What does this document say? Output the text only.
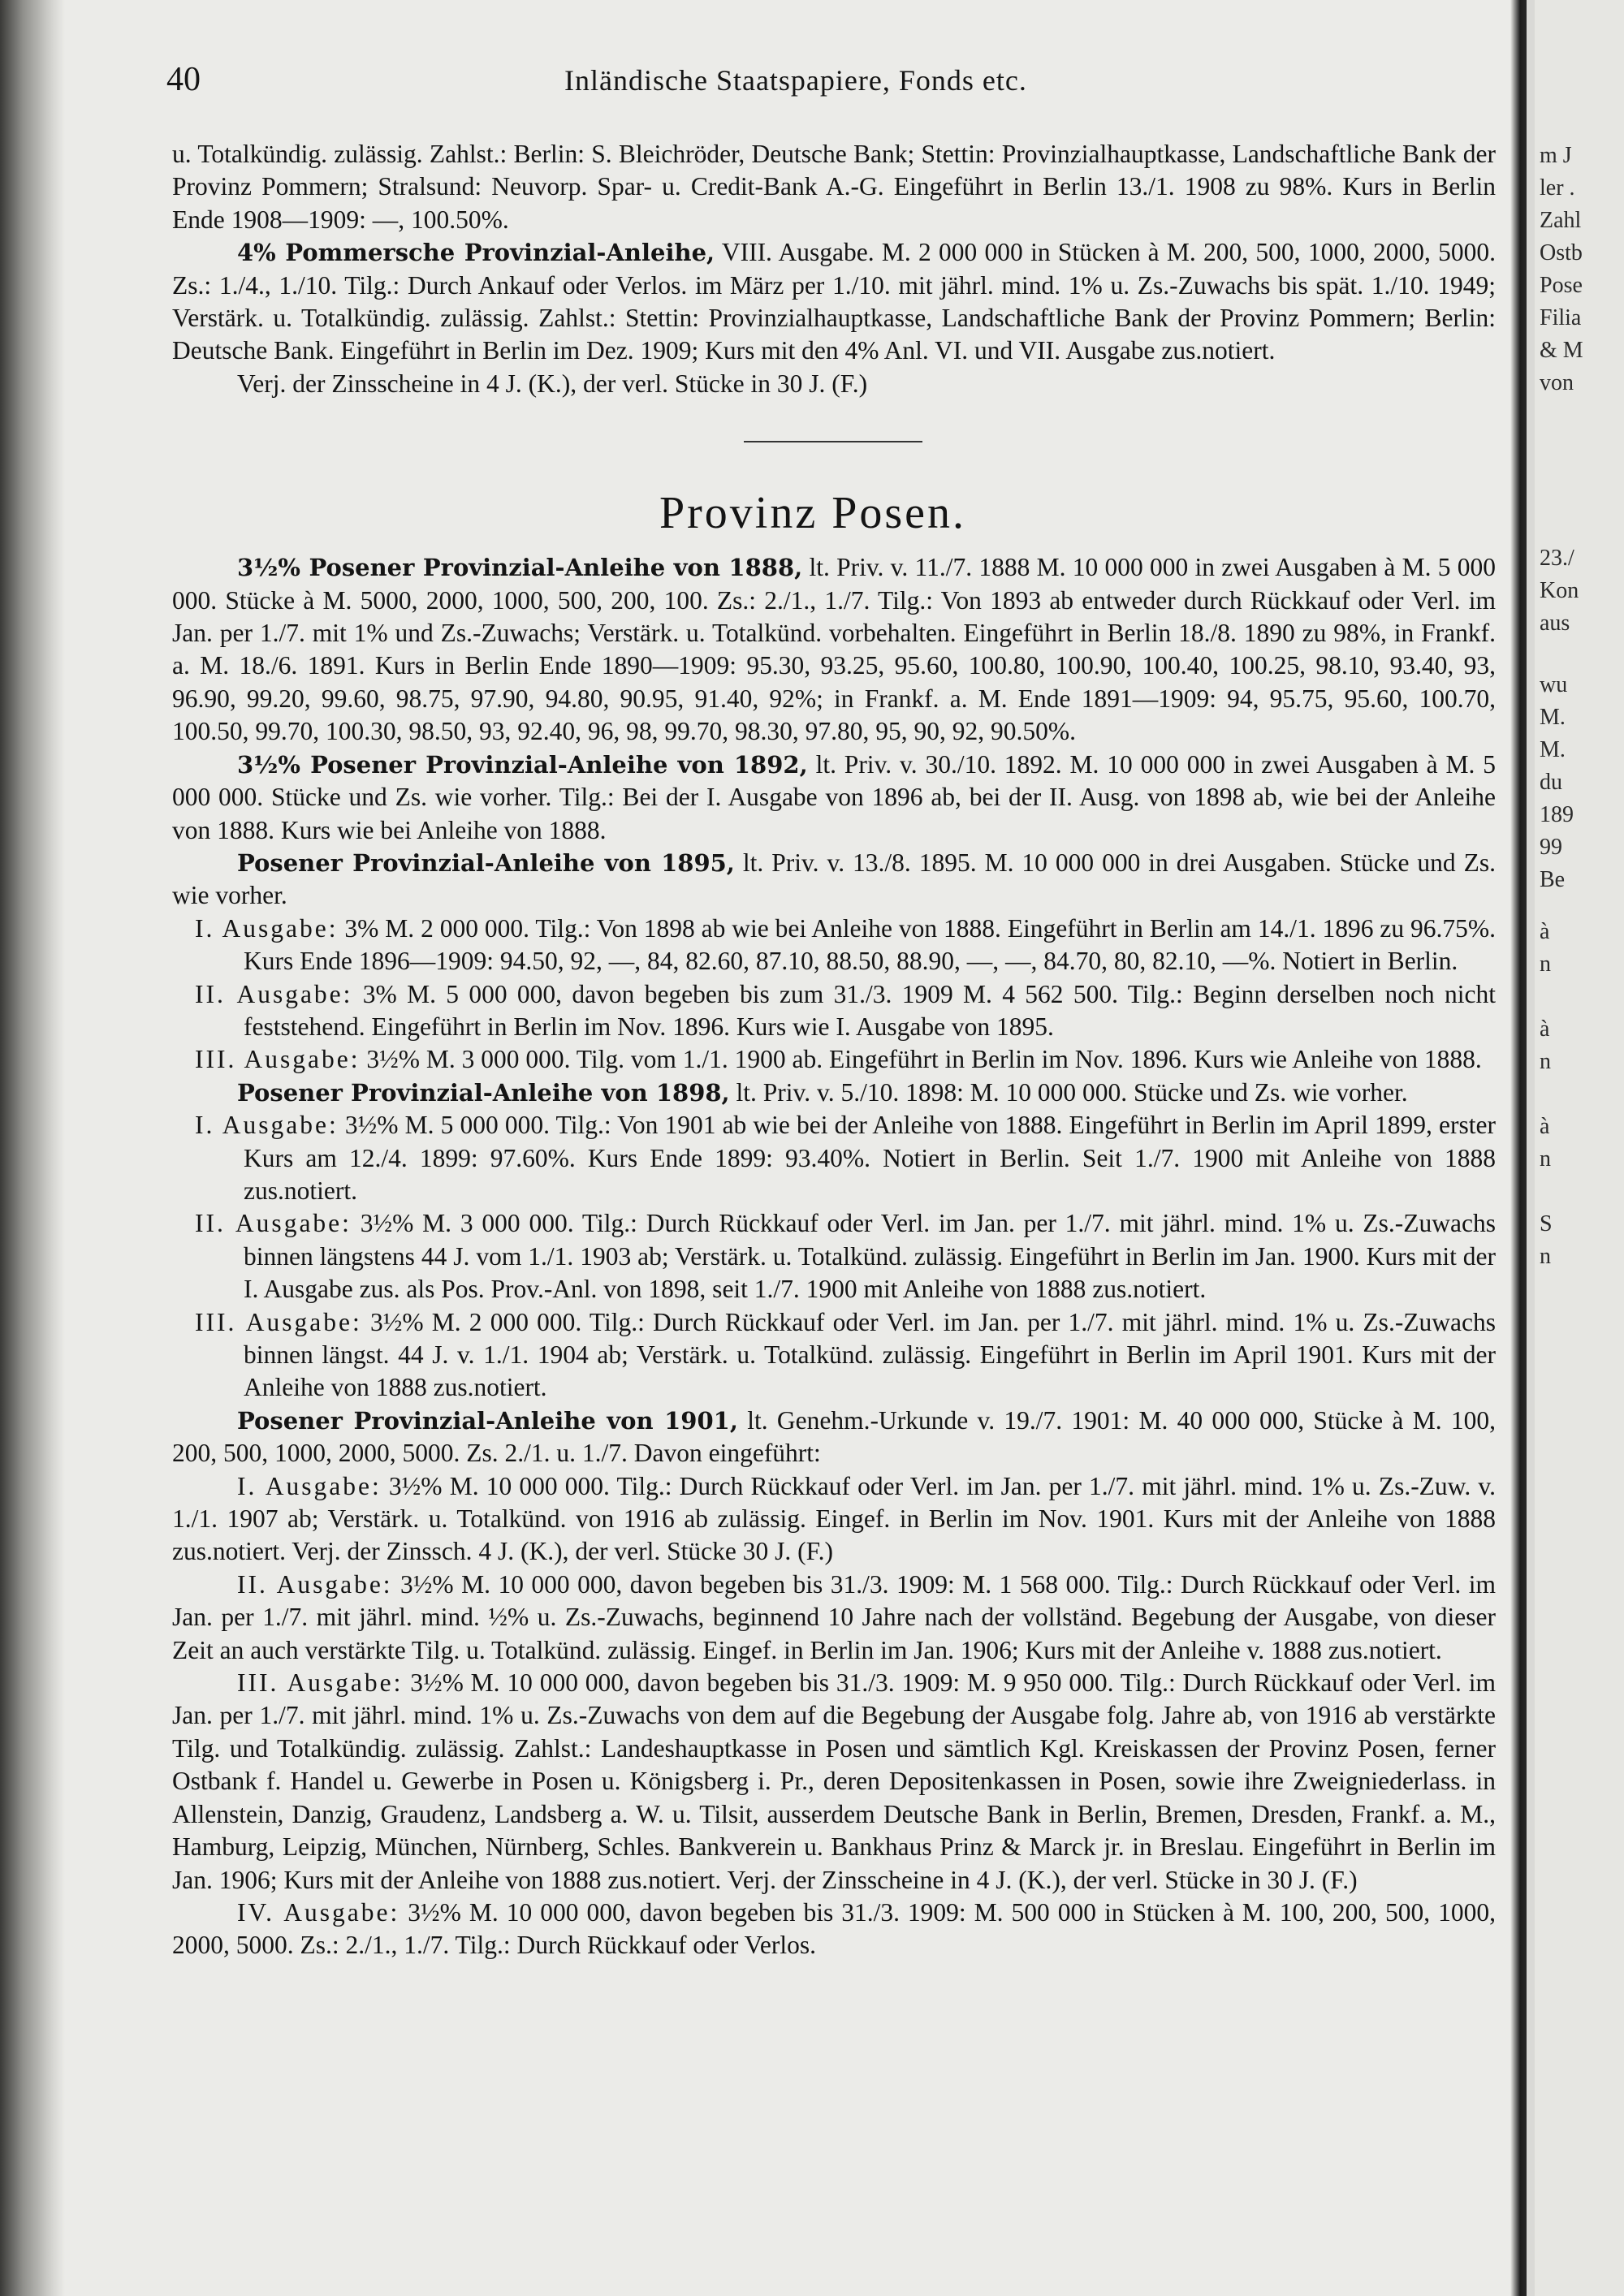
40	Inländische Staatspapiere, Fonds etc.

u. Totalkündig. zulässig. Zahlst.: Berlin: S. Bleichröder, Deutsche Bank; Stettin: Provinzialhauptkasse, Landschaftliche Bank der Provinz Pommern; Stralsund: Neuvorp. Spar- u. Credit-Bank A.-G. Eingeführt in Berlin 13./1. 1908 zu 98%. Kurs in Berlin Ende 1908—1909: —, 100.50%.

4% Pommersche Provinzial-Anleihe, VIII. Ausgabe. M. 2 000 000 in Stücken à M. 200, 500, 1000, 2000, 5000. Zs.: 1./4., 1./10. Tilg.: Durch Ankauf oder Verlos. im März per 1./10. mit jährl. mind. 1% u. Zs.-Zuwachs bis spät. 1./10. 1949; Verstärk. u. Totalkündig. zulässig. Zahlst.: Stettin: Provinzialhauptkasse, Landschaftliche Bank der Provinz Pommern; Berlin: Deutsche Bank. Eingeführt in Berlin im Dez. 1909; Kurs mit den 4% Anl. VI. und VII. Ausgabe zus.notiert.

Verj. der Zinsscheine in 4 J. (K.), der verl. Stücke in 30 J. (F.)

Provinz Posen.

3½% Posener Provinzial-Anleihe von 1888, lt. Priv. v. 11./7. 1888 M. 10 000 000 in zwei Ausgaben à M. 5 000 000. Stücke à M. 5000, 2000, 1000, 500, 200, 100. Zs.: 2./1., 1./7. Tilg.: Von 1893 ab entweder durch Rückkauf oder Verl. im Jan. per 1./7. mit 1% und Zs.-Zuwachs; Verstärk. u. Totalkünd. vorbehalten. Eingeführt in Berlin 18./8. 1890 zu 98%, in Frankf. a. M. 18./6. 1891. Kurs in Berlin Ende 1890—1909: 95.30, 93.25, 95.60, 100.80, 100.90, 100.40, 100.25, 98.10, 93.40, 93, 96.90, 99.20, 99.60, 98.75, 97.90, 94.80, 90.95, 91.40, 92%; in Frankf. a. M. Ende 1891—1909: 94, 95.75, 95.60, 100.70, 100.50, 99.70, 100.30, 98.50, 93, 92.40, 96, 98, 99.70, 98.30, 97.80, 95, 90, 92, 90.50%.

3½% Posener Provinzial-Anleihe von 1892, lt. Priv. v. 30./10. 1892. M. 10 000 000 in zwei Ausgaben à M. 5 000 000. Stücke und Zs. wie vorher. Tilg.: Bei der I. Ausgabe von 1896 ab, bei der II. Ausg. von 1898 ab, wie bei der Anleihe von 1888. Kurs wie bei Anleihe von 1888.

Posener Provinzial-Anleihe von 1895, lt. Priv. v. 13./8. 1895. M. 10 000 000 in drei Ausgaben. Stücke und Zs. wie vorher.

I. Ausgabe: 3% M. 2 000 000. Tilg.: Von 1898 ab wie bei Anleihe von 1888. Eingeführt in Berlin am 14./1. 1896 zu 96.75%. Kurs Ende 1896—1909: 94.50, 92, —, 84, 82.60, 87.10, 88.50, 88.90, —, —, 84.70, 80, 82.10, —%. Notiert in Berlin.

II. Ausgabe: 3% M. 5 000 000, davon begeben bis zum 31./3. 1909 M. 4 562 500. Tilg.: Beginn derselben noch nicht feststehend. Eingeführt in Berlin im Nov. 1896. Kurs wie I. Ausgabe von 1895.

III. Ausgabe: 3½% M. 3 000 000. Tilg. vom 1./1. 1900 ab. Eingeführt in Berlin im Nov. 1896. Kurs wie Anleihe von 1888.

Posener Provinzial-Anleihe von 1898, lt. Priv. v. 5./10. 1898: M. 10 000 000. Stücke und Zs. wie vorher.

I. Ausgabe: 3½% M. 5 000 000. Tilg.: Von 1901 ab wie bei der Anleihe von 1888. Eingeführt in Berlin im April 1899, erster Kurs am 12./4. 1899: 97.60%. Kurs Ende 1899: 93.40%. Notiert in Berlin. Seit 1./7. 1900 mit Anleihe von 1888 zus.notiert.

II. Ausgabe: 3½% M. 3 000 000. Tilg.: Durch Rückkauf oder Verl. im Jan. per 1./7. mit jährl. mind. 1% u. Zs.-Zuwachs binnen längstens 44 J. vom 1./1. 1903 ab; Verstärk. u. Totalkünd. zulässig. Eingeführt in Berlin im Jan. 1900. Kurs mit der I. Ausgabe zus. als Pos. Prov.-Anl. von 1898, seit 1./7. 1900 mit Anleihe von 1888 zus.notiert.

III. Ausgabe: 3½% M. 2 000 000. Tilg.: Durch Rückkauf oder Verl. im Jan. per 1./7. mit jährl. mind. 1% u. Zs.-Zuwachs binnen längst. 44 J. v. 1./1. 1904 ab; Verstärk. u. Totalkünd. zulässig. Eingeführt in Berlin im April 1901. Kurs mit der Anleihe von 1888 zus.notiert.

Posener Provinzial-Anleihe von 1901, lt. Genehm.-Urkunde v. 19./7. 1901: M. 40 000 000, Stücke à M. 100, 200, 500, 1000, 2000, 5000. Zs. 2./1. u. 1./7. Davon eingeführt:

I. Ausgabe: 3½% M. 10 000 000. Tilg.: Durch Rückkauf oder Verl. im Jan. per 1./7. mit jährl. mind. 1% u. Zs.-Zuw. v. 1./1. 1907 ab; Verstärk. u. Totalkünd. von 1916 ab zulässig. Eingef. in Berlin im Nov. 1901. Kurs mit der Anleihe von 1888 zus.notiert. Verj. der Zinssch. 4 J. (K.), der verl. Stücke 30 J. (F.)

II. Ausgabe: 3½% M. 10 000 000, davon begeben bis 31./3. 1909: M. 1 568 000. Tilg.: Durch Rückkauf oder Verl. im Jan. per 1./7. mit jährl. mind. ½% u. Zs.-Zuwachs, beginnend 10 Jahre nach der vollständ. Begebung der Ausgabe, von dieser Zeit an auch verstärkte Tilg. u. Totalkünd. zulässig. Eingef. in Berlin im Jan. 1906; Kurs mit der Anleihe v. 1888 zus.notiert.

III. Ausgabe: 3½% M. 10 000 000, davon begeben bis 31./3. 1909: M. 9 950 000. Tilg.: Durch Rückkauf oder Verl. im Jan. per 1./7. mit jährl. mind. 1% u. Zs.-Zuwachs von dem auf die Begebung der Ausgabe folg. Jahre ab, von 1916 ab verstärkte Tilg. und Totalkündig. zulässig. Zahlst.: Landeshauptkasse in Posen und sämtlich Kgl. Kreiskassen der Provinz Posen, ferner Ostbank f. Handel u. Gewerbe in Posen u. Königsberg i. Pr., deren Depositenkassen in Posen, sowie ihre Zweigniederlass. in Allenstein, Danzig, Graudenz, Landsberg a. W. u. Tilsit, ausserdem Deutsche Bank in Berlin, Bremen, Dresden, Frankf. a. M., Hamburg, Leipzig, München, Nürnberg, Schles. Bankverein u. Bankhaus Prinz & Marck jr. in Breslau. Eingeführt in Berlin im Jan. 1906; Kurs mit der Anleihe von 1888 zus.notiert. Verj. der Zinsscheine in 4 J. (K.), der verl. Stücke in 30 J. (F.)

IV. Ausgabe: 3½% M. 10 000 000, davon begeben bis 31./3. 1909: M. 500 000 in Stücken à M. 100, 200, 500, 1000, 2000, 5000. Zs.: 2./1., 1./7. Tilg.: Durch Rückkauf oder Verlos.

m J
ler .
Zahl
Ostb
Pose
Filia
& M
von
23./
Kon
aus
wu
M.
M.
du
189
99
Be
à
n
à
n
à
n
S
n
